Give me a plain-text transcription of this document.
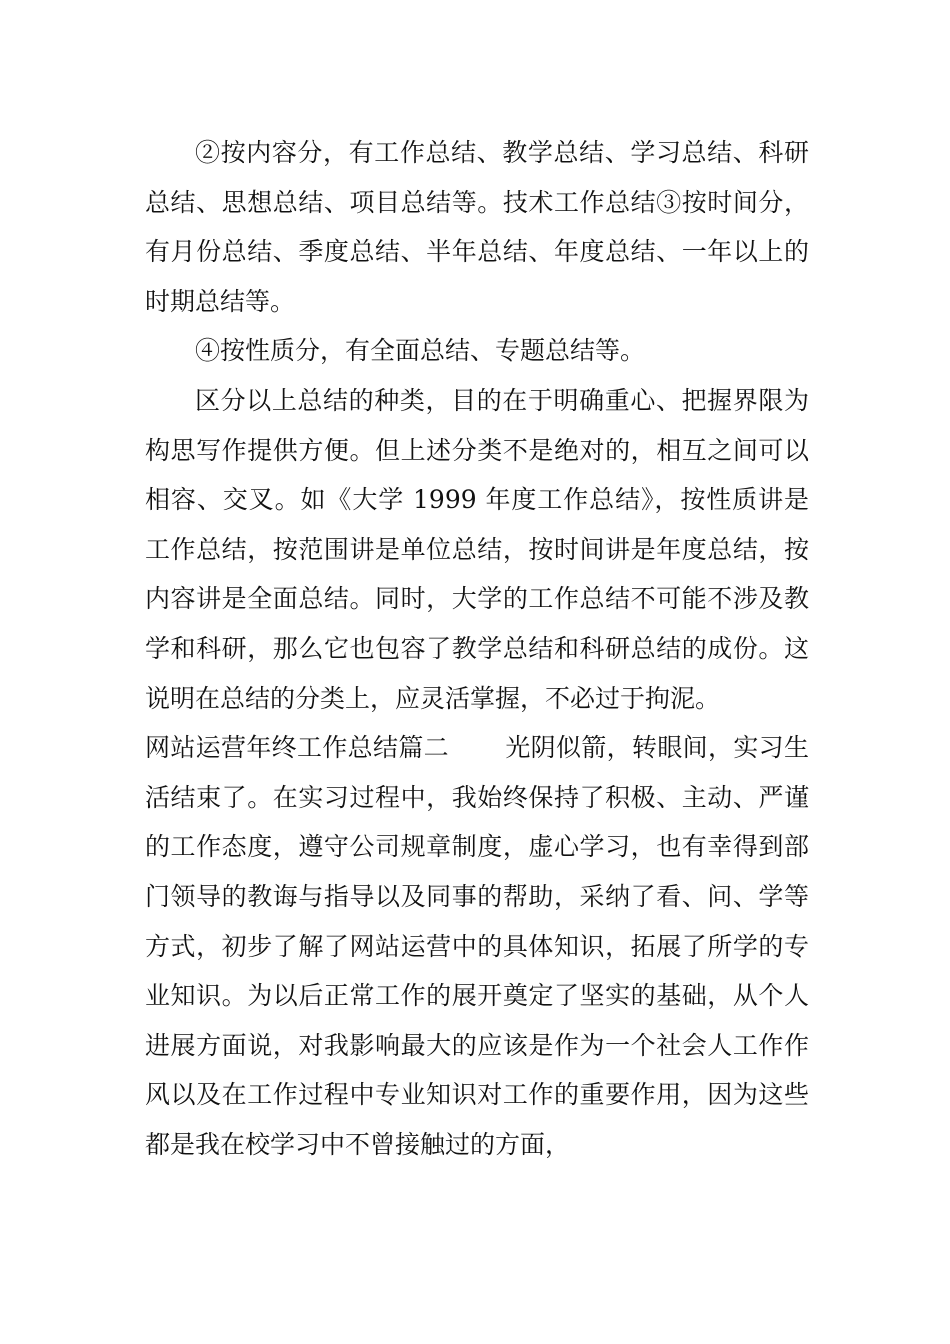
②按内容分，有工作总结、教学总结、学习总结、科研总结、思想总结、项目总结等。技术工作总结③按时间分，有月份总结、季度总结、半年总结、年度总结、一年以上的时期总结等。

④按性质分，有全面总结、专题总结等。

区分以上总结的种类，目的在于明确重心、把握界限为构思写作提供方便。但上述分类不是绝对的，相互之间可以相容、交叉。如《大学 1999 年度工作总结》，按性质讲是工作总结，按范围讲是单位总结，按时间讲是年度总结，按内容讲是全面总结。同时，大学的工作总结不可能不涉及教学和科研，那么它也包容了教学总结和科研总结的成份。这说明在总结的分类上，应灵活掌握，不必过于拘泥。

网站运营年终工作总结篇二 光阴似箭，转眼间，实习生活结束了。在实习过程中，我始终保持了积极、主动、严谨的工作态度，遵守公司规章制度，虚心学习，也有幸得到部门领导的教诲与指导以及同事的帮助，采纳了看、问、学等方式，初步了解了网站运营中的具体知识，拓展了所学的专业知识。为以后正常工作的展开奠定了坚实的基础，从个人进展方面说，对我影响最大的应该是作为一个社会人工作作风以及在工作过程中专业知识对工作的重要作用，因为这些都是我在校学习中不曾接触过的方面，
